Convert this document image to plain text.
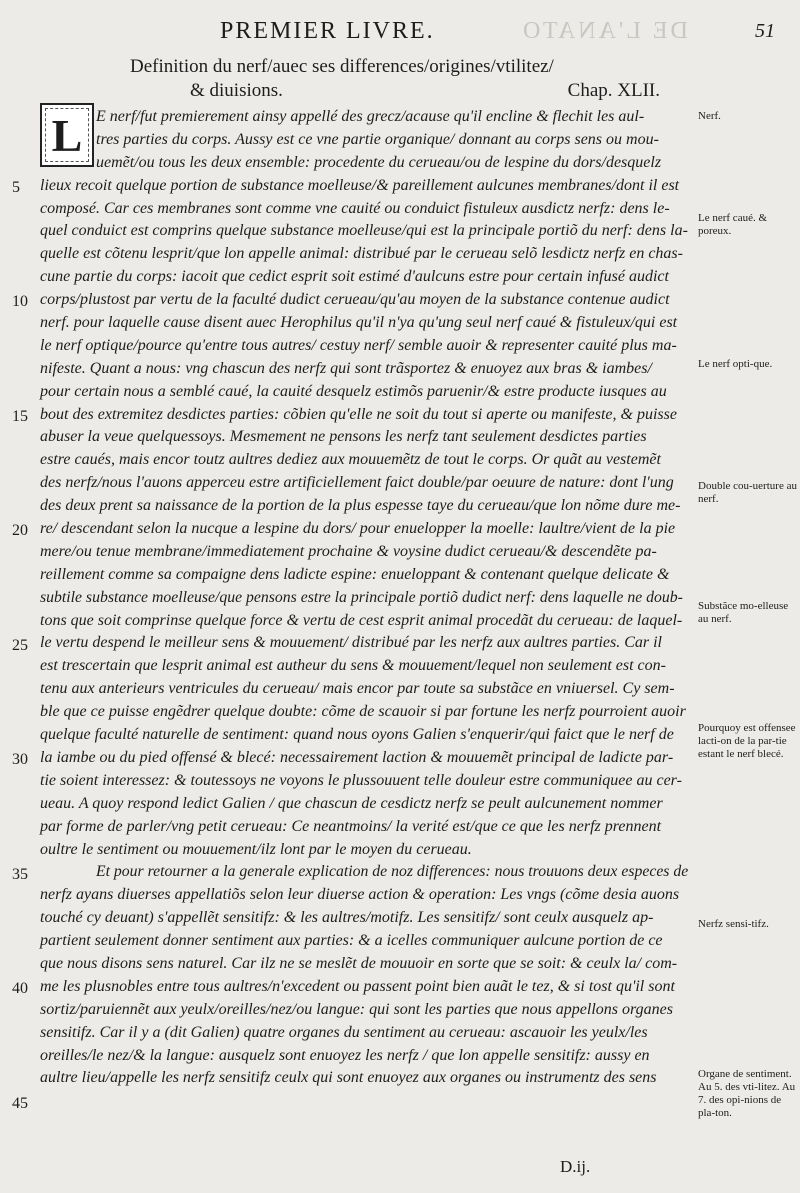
DE L'ANATO
PREMIER LIVRE.	51
Definition du nerf/auec ses differences/origines/vtilitez/
& diuisions.	Chap. XLII.
L E nerf/fut premierement ainsy appellé des grecz/acause qu'il encline & flechit les aul-
tres parties du corps. Aussy est ce vne partie organique/ donnant au corps sens ou mou-
uemẽt/ou tous les deux ensemble: procedente du cerueau/ou de lespine du dors/desquelz
lieux recoit quelque portion de substance moelleuse/& pareillement aulcunes membranes/dont il est
composé. Car ces membranes sont comme vne cauité ou conduict fistuleux ausdictz nerfz: dens le-
quel conduict est comprins quelque substance moelleuse/qui est la principale portiõ du nerf: dens la-
quelle est cõtenu lesprit/que lon appelle animal: distribué par le cerueau selõ lesdictz nerfz en chas-
cune partie du corps: iacoit que cedict esprit soit estimé d'aulcuns estre pour certain infusé audict
corps/plustost par vertu de la faculté dudict cerueau/qu'au moyen de la substance contenue audict
nerf. pour laquelle cause disent auec Herophilus qu'il n'ya qu'ung seul nerf caué & fistuleux/qui est
le nerf optique/pource qu'entre tous autres/ cestuy nerf/ semble auoir & representer cauité plus ma-
nifeste. Quant a nous: vng chascun des nerfz qui sont trãsportez & enuoyez aux bras & iambes/
pour certain nous a semblé caué, la cauité desquelz estimõs paruenir/& estre producte iusques au
bout des extremitez desdictes parties: cõbien qu'elle ne soit du tout si aperte ou manifeste, & puisse
abuser la veue quelquessoys. Mesmement ne pensons les nerfz tant seulement desdictes parties
estre caués, mais encor toutz aultres dediez aux mouuemẽtz de tout le corps. Or quãt au vestemẽt
des nerfz/nous l'auons apperceu estre artificiellement faict double/par oeuure de nature: dont l'ung
des deux prent sa naissance de la portion de la plus espesse taye du cerueau/que lon nõme dure me-
re/ descendant selon la nucque a lespine du dors/ pour enuelopper la moelle: laultre/vient de la pie
mere/ou tenue membrane/immediatement prochaine & voysine dudict cerueau/& descendẽte pa-
reillement comme sa compaigne dens ladicte espine: enueloppant & contenant quelque delicate &
subtile substance moelleuse/que pensons estre la principale portiõ dudict nerf: dens laquelle ne doub-
tons que soit comprinse quelque force & vertu de cest esprit animal procedãt du cerueau: de laquel-
le vertu despend le meilleur sens & mouuement/ distribué par les nerfz aux aultres parties. Car il
est trescertain que lesprit animal est autheur du sens & mouuement/lequel non seulement est con-
tenu aux anterieurs ventricules du cerueau/ mais encor par toute sa substãce en vniuersel. Cy sem-
ble que ce puisse engẽdrer quelque doubte: cõme de scauoir si par fortune les nerfz pourroient auoir
quelque faculté naturelle de sentiment: quand nous oyons Galien s'enquerir/qui faict que le nerf de
la iambe ou du pied offensé & blecé: necessairement laction & mouuemẽt principal de ladicte par-
tie soient interessez: & toutessoys ne voyons le plussouuent telle douleur estre communiquee au cer-
ueau. A quoy respond ledict Galien / que chascun de cesdictz nerfz se peult aulcunement nommer
par forme de parler/vng petit cerueau: Ce neantmoins/ la verité est/que ce que les nerfz prennent
oultre le sentiment ou mouuement/ilz lont par le moyen du cerueau.
Et pour retourner a la generale explication de noz differences: nous trouuons deux especes de
nerfz ayans diuerses appellatiõs selon leur diuerse action & operation: Les vngs (cõme desia auons
touché cy deuant) s'appellẽt sensitifz: & les aultres/motifz. Les sensitifz/ sont ceulx ausquelz ap-
partient seulement donner sentiment aux parties: & a icelles communiquer aulcune portion de ce
que nous disons sens naturel. Car ilz ne se meslẽt de mouuoir en sorte que se soit: & ceulx la/ com-
me les plusnobles entre tous aultres/n'excedent ou passent point bien auãt le tez, & si tost qu'il sont
sortiz/paruiennẽt aux yeulx/oreilles/nez/ou langue: qui sont les parties que nous appellons organes
sensitifz. Car il y a (dit Galien) quatre organes du sentiment au cerueau: ascauoir les yeulx/les
oreilles/le nez/& la langue: ausquelz sont enuoyez les nerfz / que lon appelle sensitifz: aussy en
aultre lieu/appelle les nerfz sensitifz ceulx qui sont enuoyez aux organes ou instrumentz des sens
5
10
15
20
25
30
35
40
45
Nerf.
Le nerf caué. & poreux.
Le nerf opti-que.
Double cou-uerture au nerf.
Substãce mo-elleuse au nerf.
Pourquoy est offensee lacti-on de la par-tie estant le nerf blecé.
Nerfz sensi-tifz.
Organe de sentiment. Au 5. des vti-litez. Au 7. des opi-nions de pla-ton.
D.ij.
